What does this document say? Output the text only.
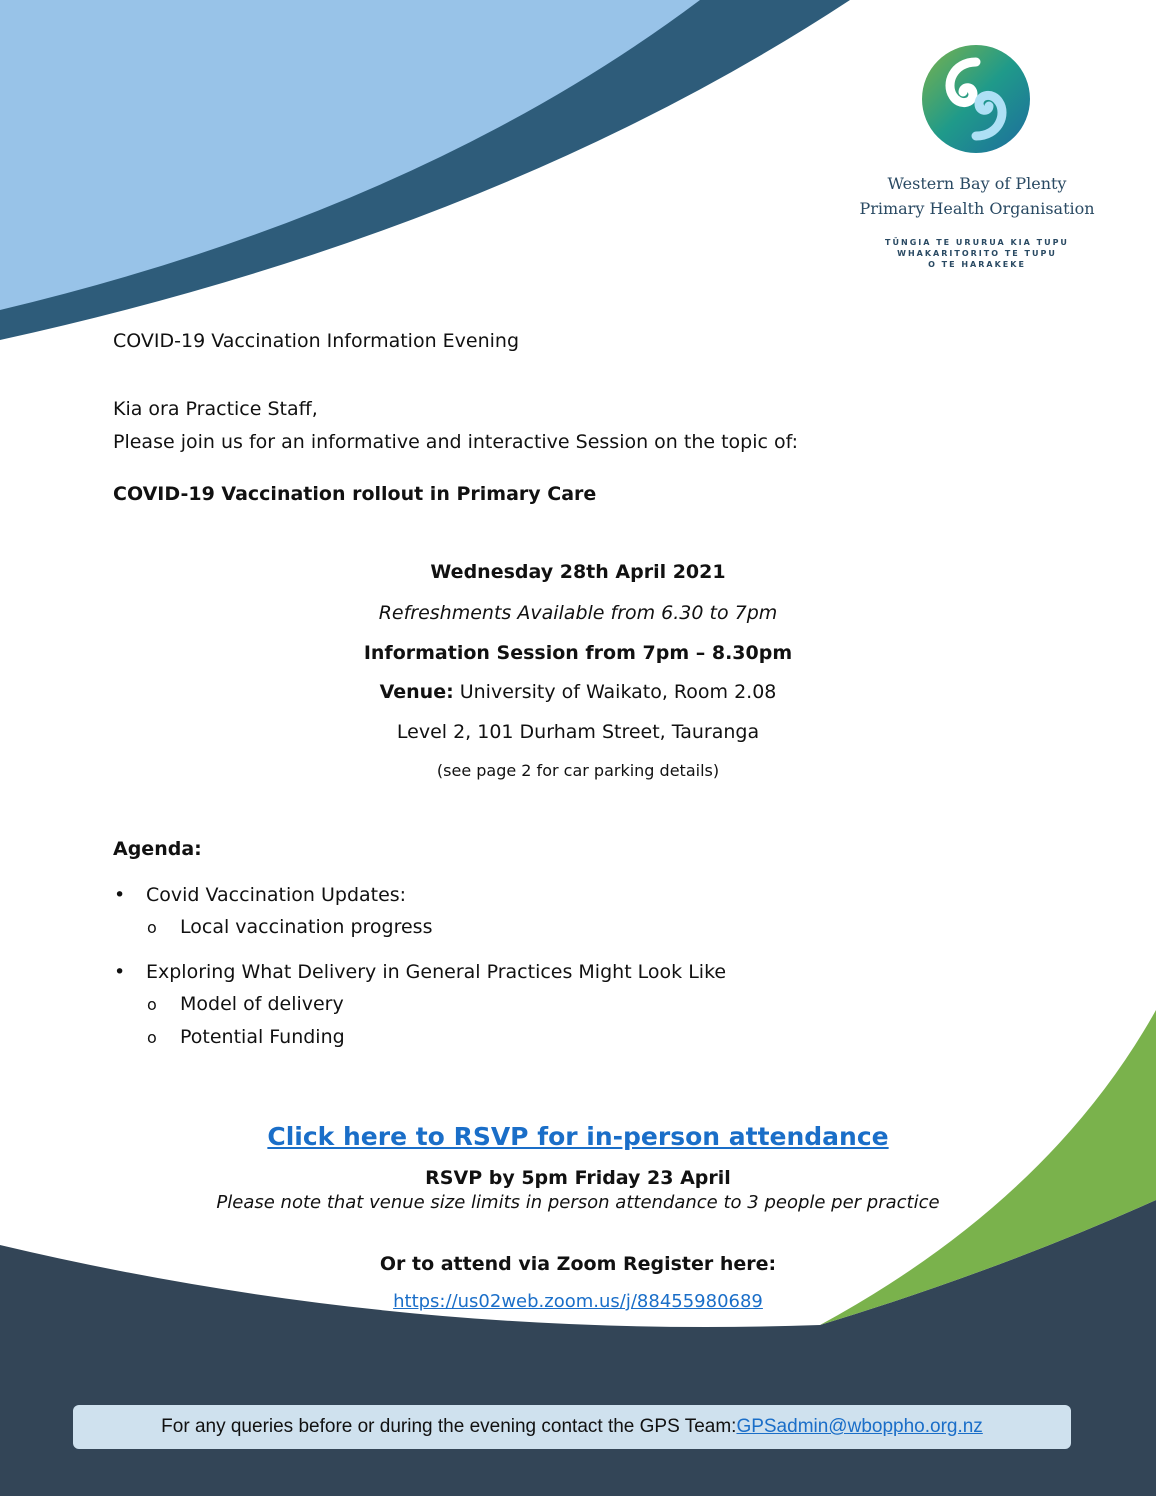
Western Bay of Plenty
Primary Health Organisation
TŪNGIA TE URURUA KIA TUPU
WHAKARITORITO TE TUPU
O TE HARAKEKE
COVID-19 Vaccination Information Evening
Kia ora Practice Staff,
Please join us for an informative and interactive Session on the topic of:
COVID-19 Vaccination rollout in Primary Care
Wednesday 28th April 2021
Refreshments Available from 6.30 to 7pm
Information Session from 7pm – 8.30pm
Venue: University of Waikato, Room 2.08
Level 2, 101 Durham Street, Tauranga
(see page 2 for car parking details)
Agenda:
• Covid Vaccination Updates:
o Local vaccination progress
• Exploring What Delivery in General Practices Might Look Like
o Model of delivery
o Potential Funding
Click here to RSVP for in-person attendance
RSVP by 5pm Friday 23 April
Please note that venue size limits in person attendance to 3 people per practice
Or to attend via Zoom Register here:
https://us02web.zoom.us/j/88455980689
For any queries before or during the evening contact the GPS Team:GPSadmin@wboppho.org.nz
